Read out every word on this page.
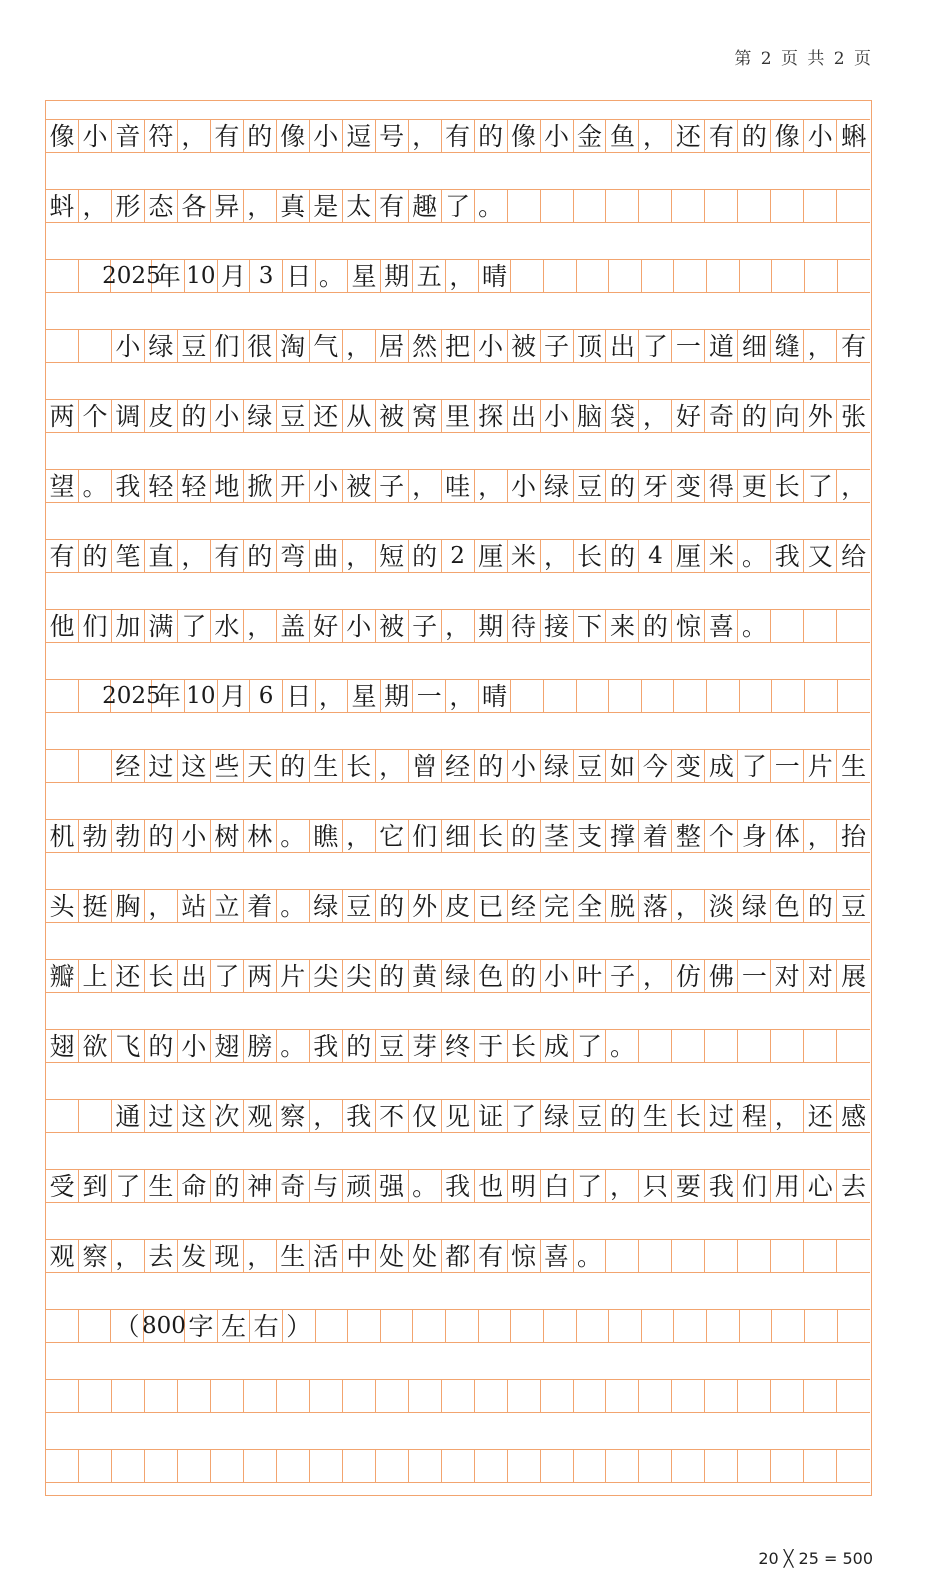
第 2 页 共 2 页
像 小 音 符 ， 有 的 像 小 逗 号 ， 有 的 像 小 金 鱼 ， 还 有 的 像 小 蝌
蚪 ， 形 态 各 异 ， 真 是 太 有 趣 了 。
2025
年 10 月 3 日 。 星 期 五 ， 晴
小 绿 豆 们 很 淘 气 ， 居 然 把 小 被 子 顶 出 了 一 道 细 缝 ， 有
两 个 调 皮 的 小 绿 豆 还 从 被 窝 里 探 出 小 脑 袋 ， 好 奇 的 向 外 张
望 。 我 轻 轻 地 掀 开 小 被 子 ， 哇 ， 小 绿 豆 的 牙 变 得 更 长 了 ，
有 的 笔 直 ， 有 的 弯 曲 ， 短 的 2 厘 米 ， 长 的 4 厘 米 。 我 又 给
他 们 加 满 了 水 ， 盖 好 小 被 子 ， 期 待 接 下 来 的 惊 喜 。
2025
年 10 月 6 日 ， 星 期 一 ， 晴
经 过 这 些 天 的 生 长 ， 曾 经 的 小 绿 豆 如 今 变 成 了 一 片 生
机 勃 勃 的 小 树 林 。 瞧 ， 它 们 细 长 的 茎 支 撑 着 整 个 身 体 ， 抬
头 挺 胸 ， 站 立 着 。 绿 豆 的 外 皮 已 经 完 全 脱 落 ， 淡 绿 色 的 豆
瓣 上 还 长 出 了 两 片 尖 尖 的 黄 绿 色 的 小 叶 子 ， 仿 佛 一 对 对 展
翅 欲 飞 的 小 翅 膀 。 我 的 豆 芽 终 于 长 成 了 。
通 过 这 次 观 察 ， 我 不 仅 见 证 了 绿 豆 的 生 长 过 程 ， 还 感
受 到 了 生 命 的 神 奇 与 顽 强 。 我 也 明 白 了 ， 只 要 我 们 用 心 去
观 察 ， 去 发 现 ， 生 活 中 处 处 都 有 惊 喜 。
（ 800 字 左 右 ）
20 ╳ 25 = 500
